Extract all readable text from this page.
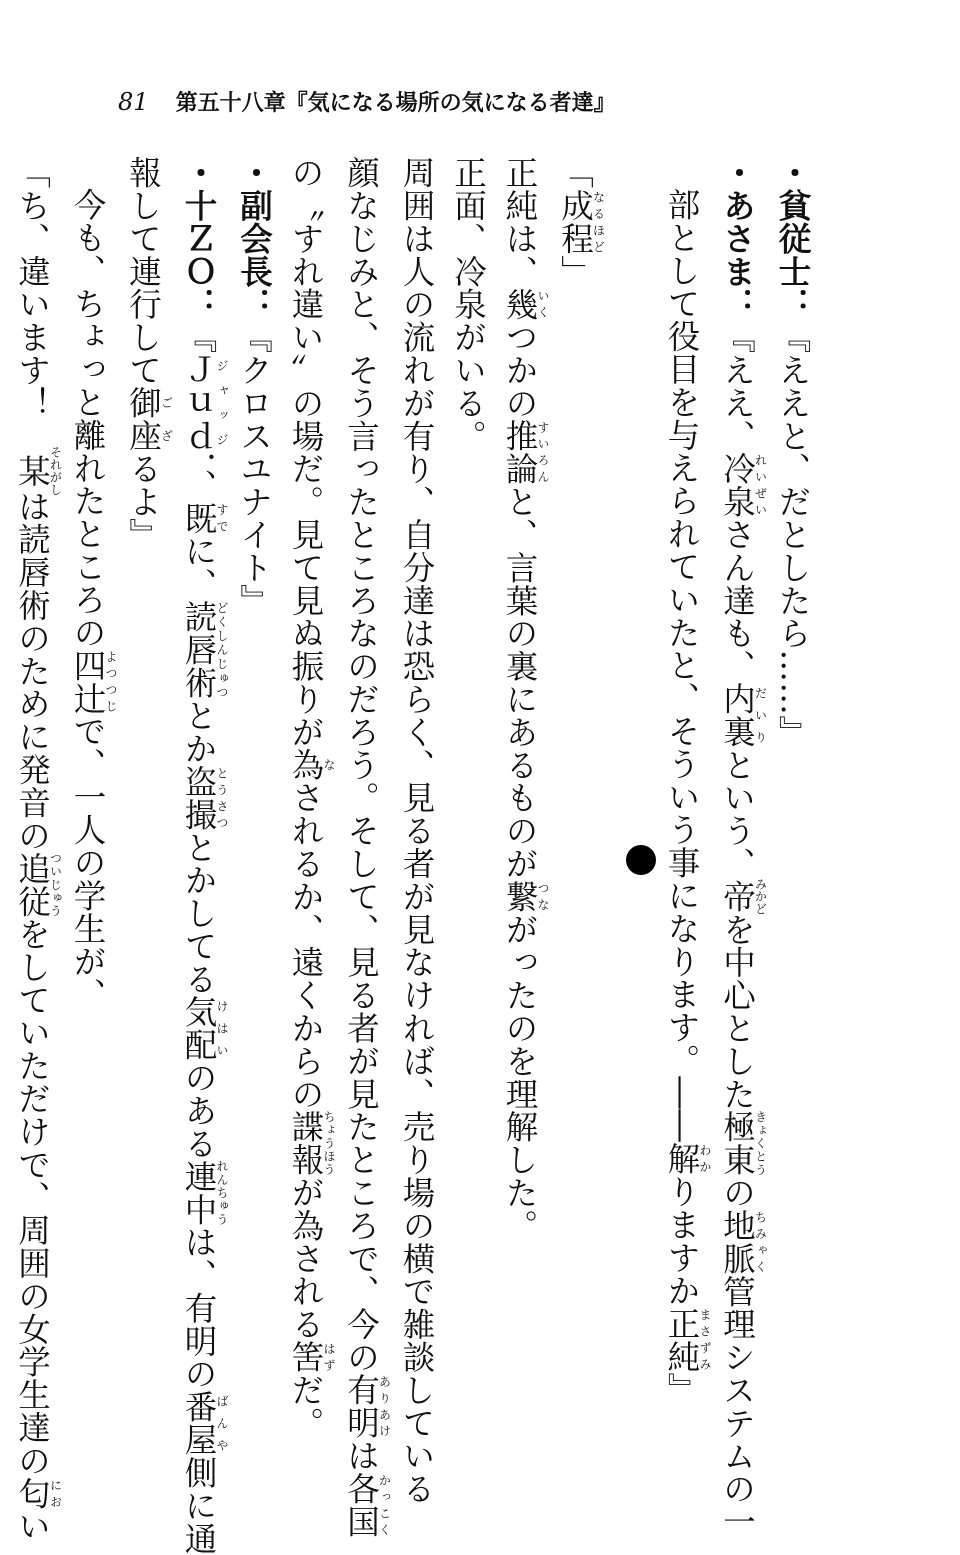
81 第五十八章『気になる場所の気になる者達』
・貧従士：『ええと、だとしたら……』
・あさま：『ええ、冷泉れいぜいさん達も、内裏だいりという、帝みかどを中心とした極東きょくとうの地脈ちみゃく管理システムの一
部として役目を与えられていたと、そういう事になります。――解わかりますか正純まさずみ』
「成程なるほど」
正純は、幾いくつかの推論すいろんと、言葉の裏にあるものが繋つながったのを理解した。
正面、冷泉がいる。
周囲は人の流れが有り、自分達は恐らく、見る者が見なければ、売り場の横で雑談している
顔なじみと、そう言ったところなのだろう。そして、見る者が見たところで、今の有明ありあけは各国かっこく
の〝すれ違い〟の場だ。見て見ぬ振りが為なされるか、遠くからの諜報ちょうほうが為される筈はずだ。
・副会長：『クロスユナイト』
・十ＺＯ：『Ｊｕｄジャッジ．、既すでに、読唇術どくしんじゅつとか盗撮とうさつとかしてる気配けはいのある連中れんちゅうは、有明の番屋ばんや側に通
報して連行して御座ござるよ』
今も、ちょっと離れたところの四辻よつつじで、一人の学生が、
「ち、違います！　某それがしは読唇術のために発音の追従ついじゅうをしていただけで、周囲の女学生達の匂におい
